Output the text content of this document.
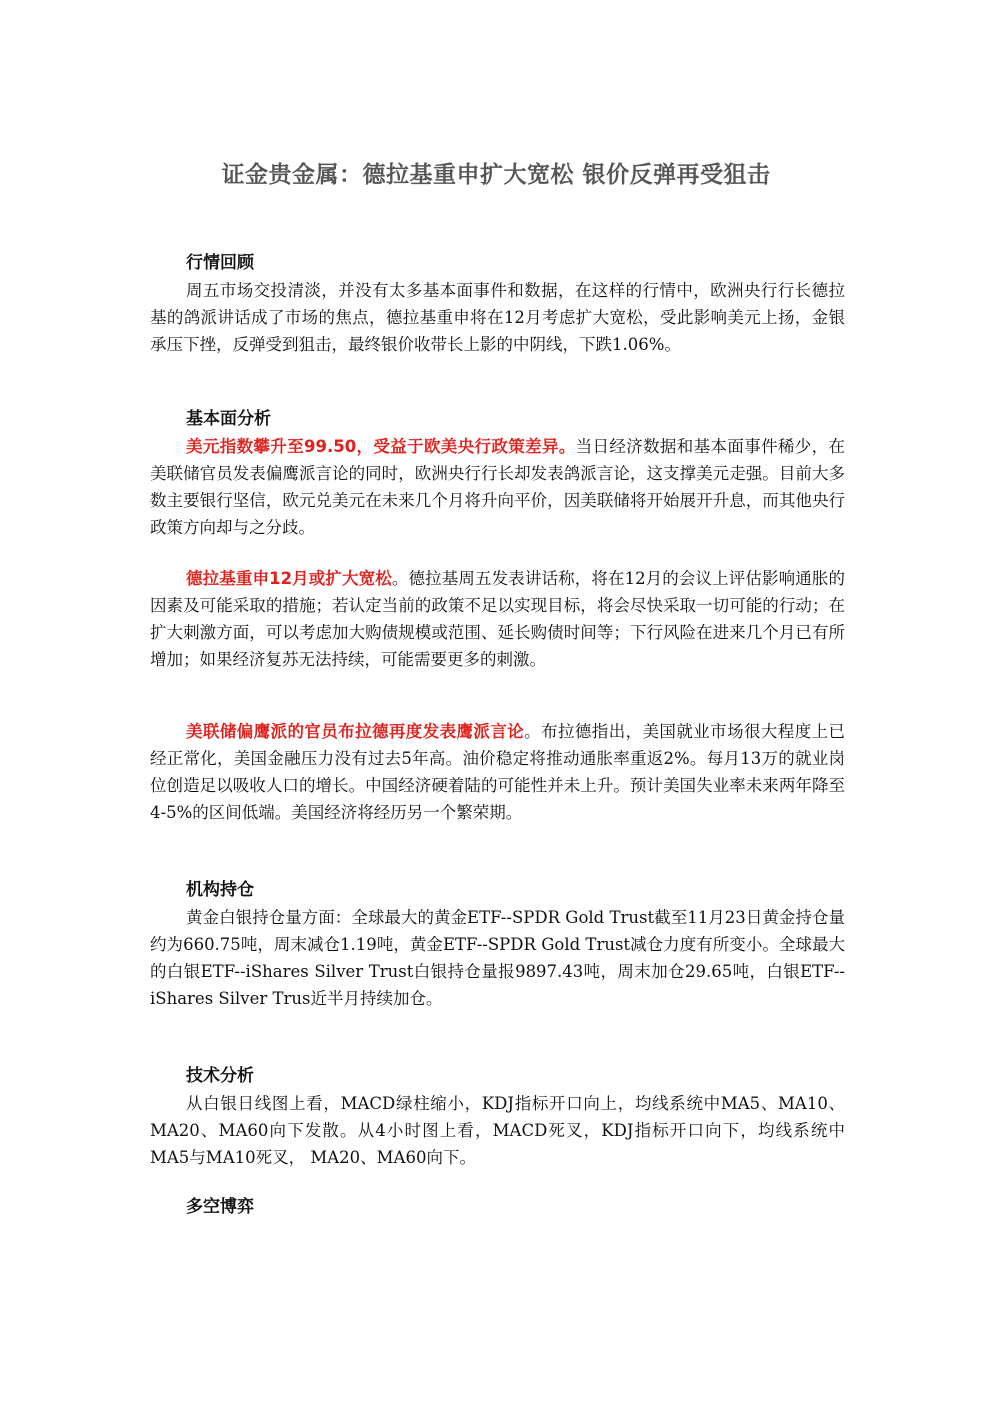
证金贵金属：德拉基重申扩大宽松 银价反弹再受狙击
行情回顾

周五市场交投清淡，并没有太多基本面事件和数据，在这样的行情中，欧洲央行行长德拉基的鸽派讲话成了市场的焦点，德拉基重申将在12月考虑扩大宽松，受此影响美元上扬，金银承压下挫，反弹受到狙击，最终银价收带长上影的中阴线，下跌1.06%。

基本面分析

美元指数攀升至99.50，受益于欧美央行政策差异。当日经济数据和基本面事件稀少，在美联储官员发表偏鹰派言论的同时，欧洲央行行长却发表鸽派言论，这支撑美元走强。目前大多数主要银行坚信，欧元兑美元在未来几个月将升向平价，因美联储将开始展开升息，而其他央行政策方向却与之分歧。

德拉基重申12月或扩大宽松。德拉基周五发表讲话称，将在12月的会议上评估影响通胀的因素及可能采取的措施；若认定当前的政策不足以实现目标，将会尽快采取一切可能的行动；在扩大刺激方面，可以考虑加大购债规模或范围、延长购债时间等；下行风险在进来几个月已有所增加；如果经济复苏无法持续，可能需要更多的刺激。

美联储偏鹰派的官员布拉德再度发表鹰派言论。布拉德指出，美国就业市场很大程度上已经正常化，美国金融压力没有过去5年高。油价稳定将推动通胀率重返2%。每月13万的就业岗位创造足以吸收人口的增长。中国经济硬着陆的可能性并未上升。预计美国失业率未来两年降至4-5%的区间低端。美国经济将经历另一个繁荣期。

机构持仓

黄金白银持仓量方面：全球最大的黄金ETF--SPDR Gold Trust截至11月23日黄金持仓量约为660.75吨，周末减仓1.19吨，黄金ETF--SPDR Gold Trust减仓力度有所变小。全球最大的白银ETF--iShares Silver Trust白银持仓量报9897.43吨，周末加仓29.65吨，白银ETF--iShares Silver Trus近半月持续加仓。

技术分析

从白银日线图上看，MACD绿柱缩小，KDJ指标开口向上，均线系统中MA5、MA10、MA20、MA60向下发散。从4小时图上看，MACD死叉，KDJ指标开口向下，均线系统中MA5与MA10死叉， MA20、MA60向下。

多空博弈
